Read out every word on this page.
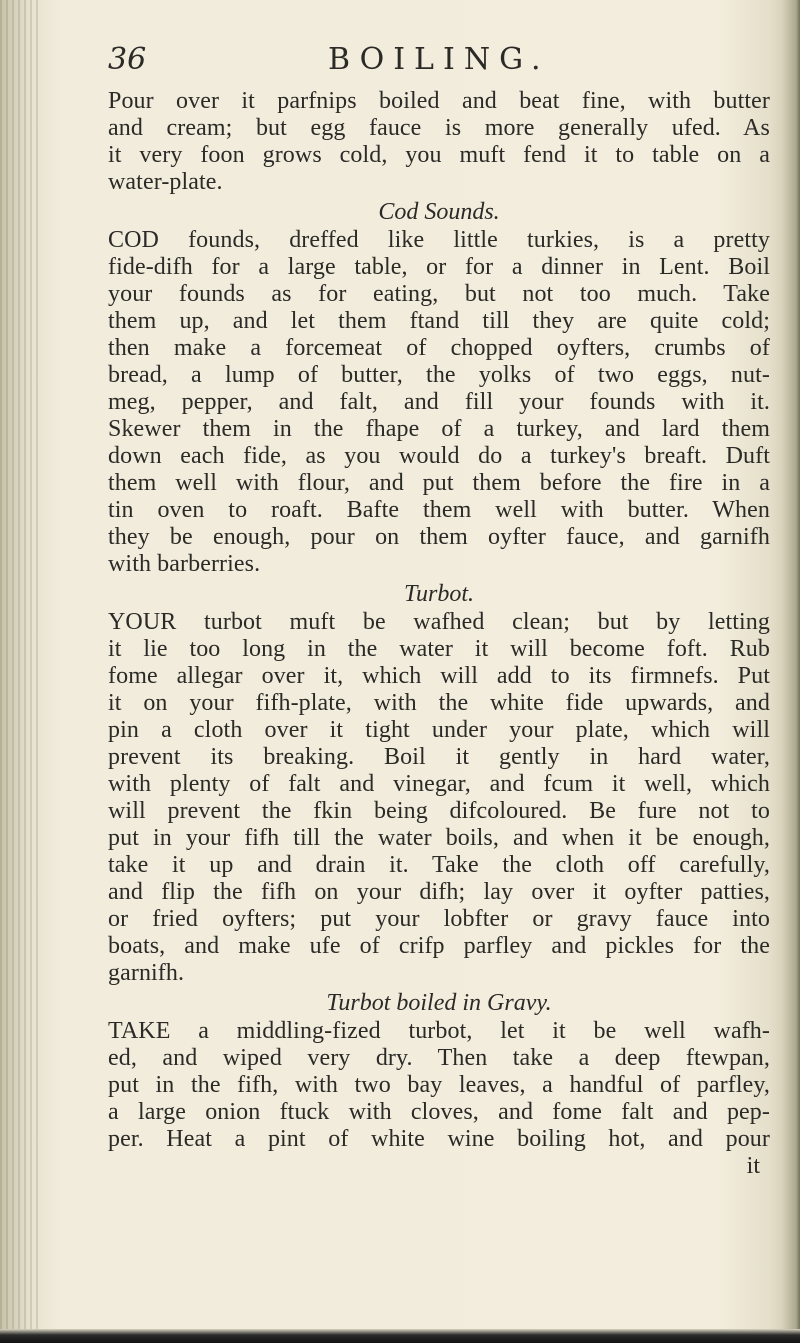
36	BOILING.
Pour over it parfnips boiled and beat fine, with butter
and cream; but egg fauce is more generally ufed. As
it very foon grows cold, you muft fend it to table on a
water-plate.
Cod Sounds.
COD founds, dreffed like little turkies, is a pretty
fide-difh for a large table, or for a dinner in Lent. Boil
your founds as for eating, but not too much. Take
them up, and let them ftand till they are quite cold;
then make a forcemeat of chopped oyfters, crumbs of
bread, a lump of butter, the yolks of two eggs, nut-
meg, pepper, and falt, and fill your founds with it.
Skewer them in the fhape of a turkey, and lard them
down each fide, as you would do a turkey's breaft. Duft
them well with flour, and put them before the fire in a
tin oven to roaft. Bafte them well with butter. When
they be enough, pour on them oyfter fauce, and garnifh
with barberries.
Turbot.
YOUR turbot muft be wafhed clean; but by letting
it lie too long in the water it will become foft. Rub
fome allegar over it, which will add to its firmnefs. Put
it on your fifh-plate, with the white fide upwards, and
pin a cloth over it tight under your plate, which will
prevent its breaking. Boil it gently in hard water,
with plenty of falt and vinegar, and fcum it well, which
will prevent the fkin being difcoloured. Be fure not to
put in your fifh till the water boils, and when it be enough,
take it up and drain it. Take the cloth off carefully,
and flip the fifh on your difh; lay over it oyfter patties,
or fried oyfters; put your lobfter or gravy fauce into
boats, and make ufe of crifp parfley and pickles for the
garnifh.
Turbot boiled in Gravy.
TAKE a middling-fized turbot, let it be well wafh-
ed, and wiped very dry. Then take a deep ftewpan,
put in the fifh, with two bay leaves, a handful of parfley,
a large onion ftuck with cloves, and fome falt and pep-
per. Heat a pint of white wine boiling hot, and pour
it
